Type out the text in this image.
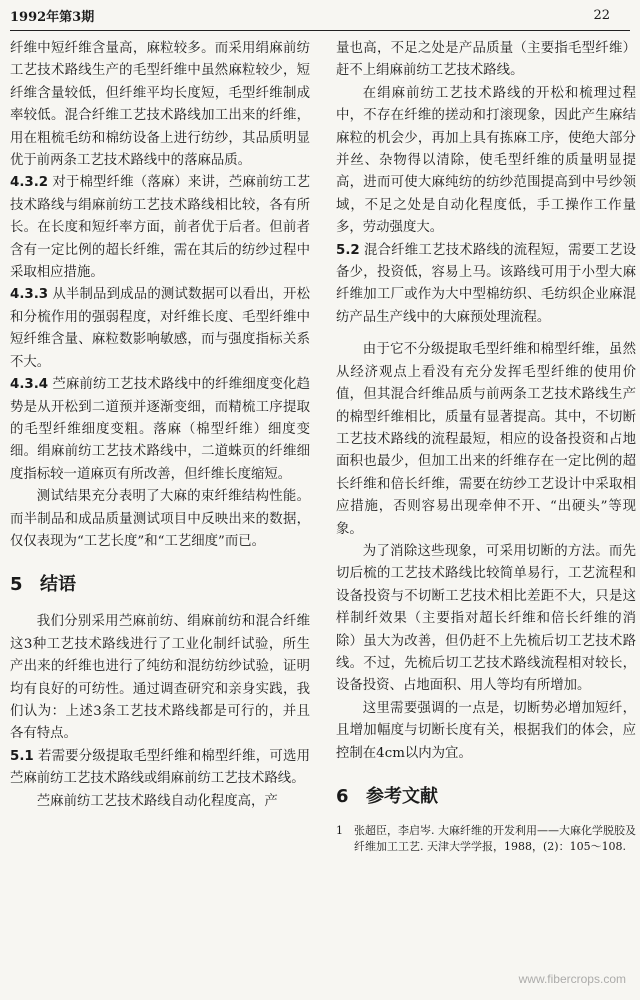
1992年第3期	22

纤维中短纤维含量高，麻粒较多。而采用绢麻前纺工艺技术路线生产的毛型纤维中虽然麻粒较少，短纤维含量较低，但纤维平均长度短，毛型纤维制成率较低。混合纤维工艺技术路线加工出来的纤维，用在粗梳毛纺和棉纺设备上进行纺纱，其品质明显优于前两条工艺技术路线中的落麻品质。

4.3.2 对于棉型纤维（落麻）来讲，苎麻前纺工艺技术路线与绢麻前纺工艺技术路线相比较，各有所长。在长度和短纤率方面，前者优于后者。但前者含有一定比例的超长纤维，需在其后的纺纱过程中采取相应措施。

4.3.3 从半制品到成品的测试数据可以看出，开松和分梳作用的强弱程度，对纤维长度、毛型纤维中短纤维含量、麻粒数影响敏感，而与强度指标关系不大。

4.3.4 苎麻前纺工艺技术路线中的纤维细度变化趋势是从开松到二道预并逐渐变细，而精梳工序提取的毛型纤维细度变粗。落麻（棉型纤维）细度变细。绢麻前纺工艺技术路线中，二道蛛页的纤维细度指标较一道麻页有所改善，但纤维长度缩短。

测试结果充分表明了大麻的束纤维结构性能。而半制品和成品质量测试项目中反映出来的数据，仅仅表现为“工艺长度”和“工艺细度”而已。

5 结语

我们分别采用苎麻前纺、绢麻前纺和混合纤维这3种工艺技术路线进行了工业化制纤试验，所生产出来的纤维也进行了纯纺和混纺纺纱试验，证明均有良好的可纺性。通过调查研究和亲身实践，我们认为：上述3条工艺技术路线都是可行的，并且各有特点。

5.1 若需要分级提取毛型纤维和棉型纤维，可选用苎麻前纺工艺技术路线或绢麻前纺工艺技术路线。

苎麻前纺工艺技术路线自动化程度高，产

量也高，不足之处是产品质量（主要指毛型纤维）赶不上绢麻前纺工艺技术路线。

在绢麻前纺工艺技术路线的开松和梳理过程中，不存在纤维的搓动和打滚现象，因此产生麻结麻粒的机会少，再加上具有拣麻工序，使绝大部分并丝、杂物得以清除，使毛型纤维的质量明显提高，进而可使大麻纯纺的纺纱范围提高到中号纱领域，不足之处是自动化程度低，手工操作工作量多，劳动强度大。

5.2 混合纤维工艺技术路线的流程短，需要工艺设备少，投资低，容易上马。该路线可用于小型大麻纤维加工厂或作为大中型棉纺织、毛纺织企业麻混纺产品生产线中的大麻预处理流程。

由于它不分级提取毛型纤维和棉型纤维，虽然从经济观点上看没有充分发挥毛型纤维的使用价值，但其混合纤维品质与前两条工艺技术路线生产的棉型纤维相比，质量有显著提高。其中，不切断工艺技术路线的流程最短，相应的设备投资和占地面积也最少，但加工出来的纤维存在一定比例的超长纤维和倍长纤维，需要在纺纱工艺设计中采取相应措施，否则容易出现牵伸不开、“出硬头”等现象。

为了消除这些现象，可采用切断的方法。而先切后梳的工艺技术路线比较简单易行，工艺流程和设备投资与不切断工艺技术相比差距不大，只是这样制纤效果（主要指对超长纤维和倍长纤维的消除）虽大为改善，但仍赶不上先梳后切工艺技术路线。不过，先梳后切工艺技术路线流程相对较长，设备投资、占地面积、用人等均有所增加。

这里需要强调的一点是，切断势必增加短纤，且增加幅度与切断长度有关，根据我们的体会，应控制在4cm以内为宜。

6 参考文献
1	张超臣，李启岑. 大麻纤维的开发利用——大麻化学脱胶及纤维加工工艺. 天津大学学报，1988，(2)：105～108.
www.fibercrops.com
